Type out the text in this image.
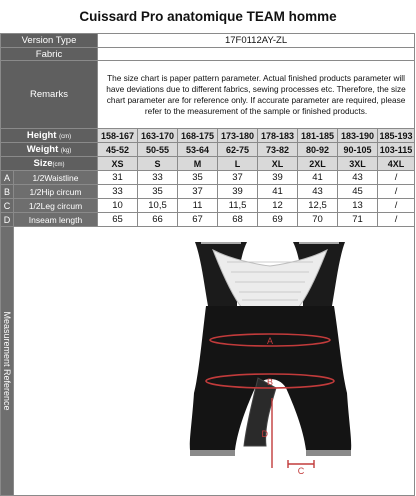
Cuissard Pro anatomique TEAM homme
Version Type		17F0112AY-ZL							
Fabric									
Remarks		The size chart is paper pattern parameter. Actual finished products parameter will have deviations due to different fabrics, sewing processes etc. Therefore, the size chart parameter are for reference only. If accurate parameter are required, please refer to the measurement of the sample or finished products.							
Height (cm)		158-167	163-170	168-175	173-180	178-183	181-185	183-190	185-193
Weight (kg)		45-52	50-55	53-64	62-75	73-82	80-92	90-105	103-115
Size(cm)		XS	S	M	L	XL	2XL	3XL	4XL
A	1/2Waistline	31	33	35	37	39	41	43	/
B	1/2Hip circum	33	35	37	39	41	43	45	/
C	1/2Leg circum	10	10,5	11	11,5	12	12,5	13	/
D	Inseam length	65	66	67	68	69	70	71	/

Measurement Reference	A
B
D
C								
